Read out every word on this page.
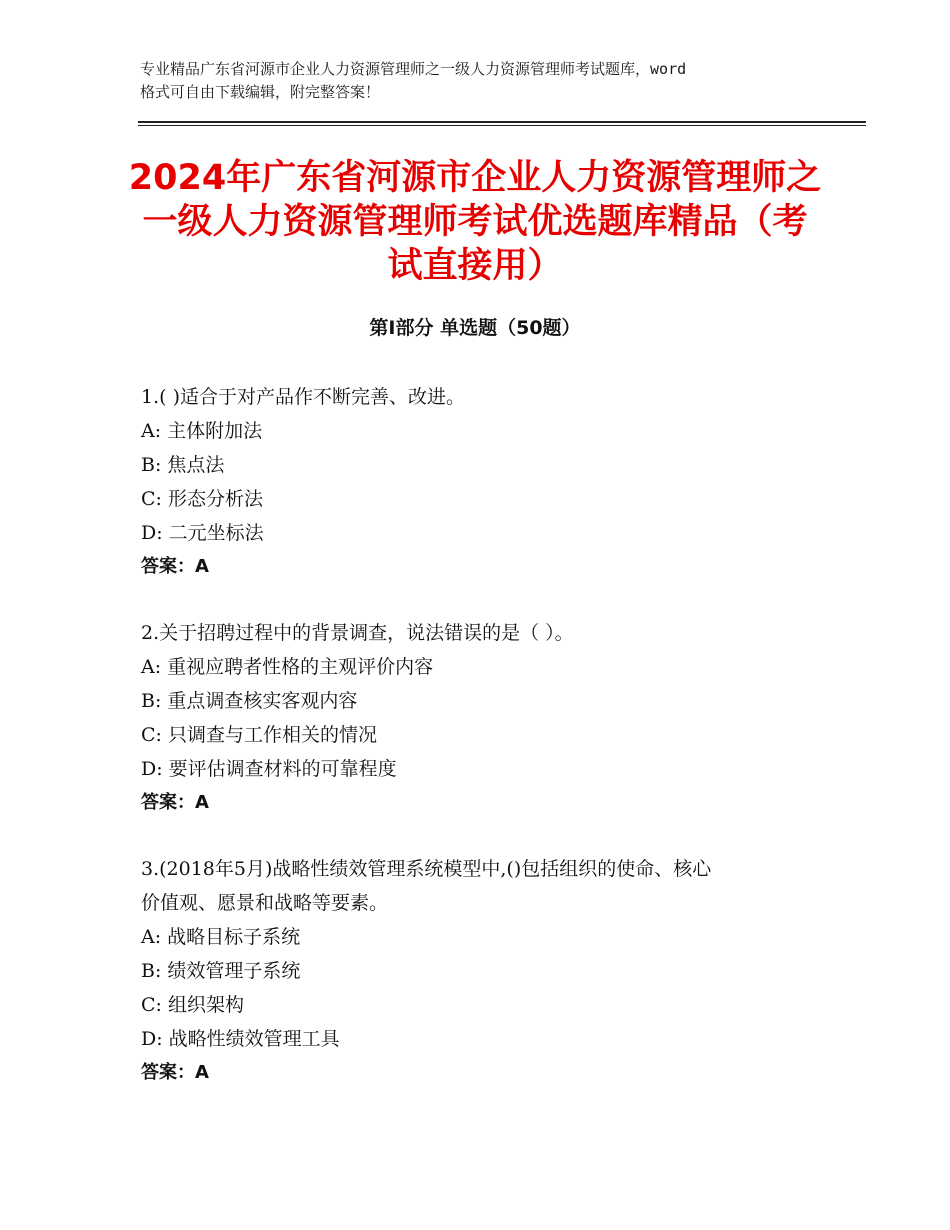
专业精品广东省河源市企业人力资源管理师之一级人力资源管理师考试题库，word
格式可自由下载编辑，附完整答案！
2024年广东省河源市企业人力资源管理师之
一级人力资源管理师考试优选题库精品（考
试直接用）
第Ⅰ部分 单选题（50题）
1.( )适合于对产品作不断完善、改进。
A: 主体附加法
B: 焦点法
C: 形态分析法
D: 二元坐标法
答案：A
2.关于招聘过程中的背景调查，说法错误的是（ ）。
A: 重视应聘者性格的主观评价内容
B: 重点调查核实客观内容
C: 只调查与工作相关的情况
D: 要评估调查材料的可靠程度
答案：A
3.(2018年5月)战略性绩效管理系统模型中,()包括组织的使命、核心
价值观、愿景和战略等要素。
A: 战略目标子系统
B: 绩效管理子系统
C: 组织架构
D: 战略性绩效管理工具
答案：A
